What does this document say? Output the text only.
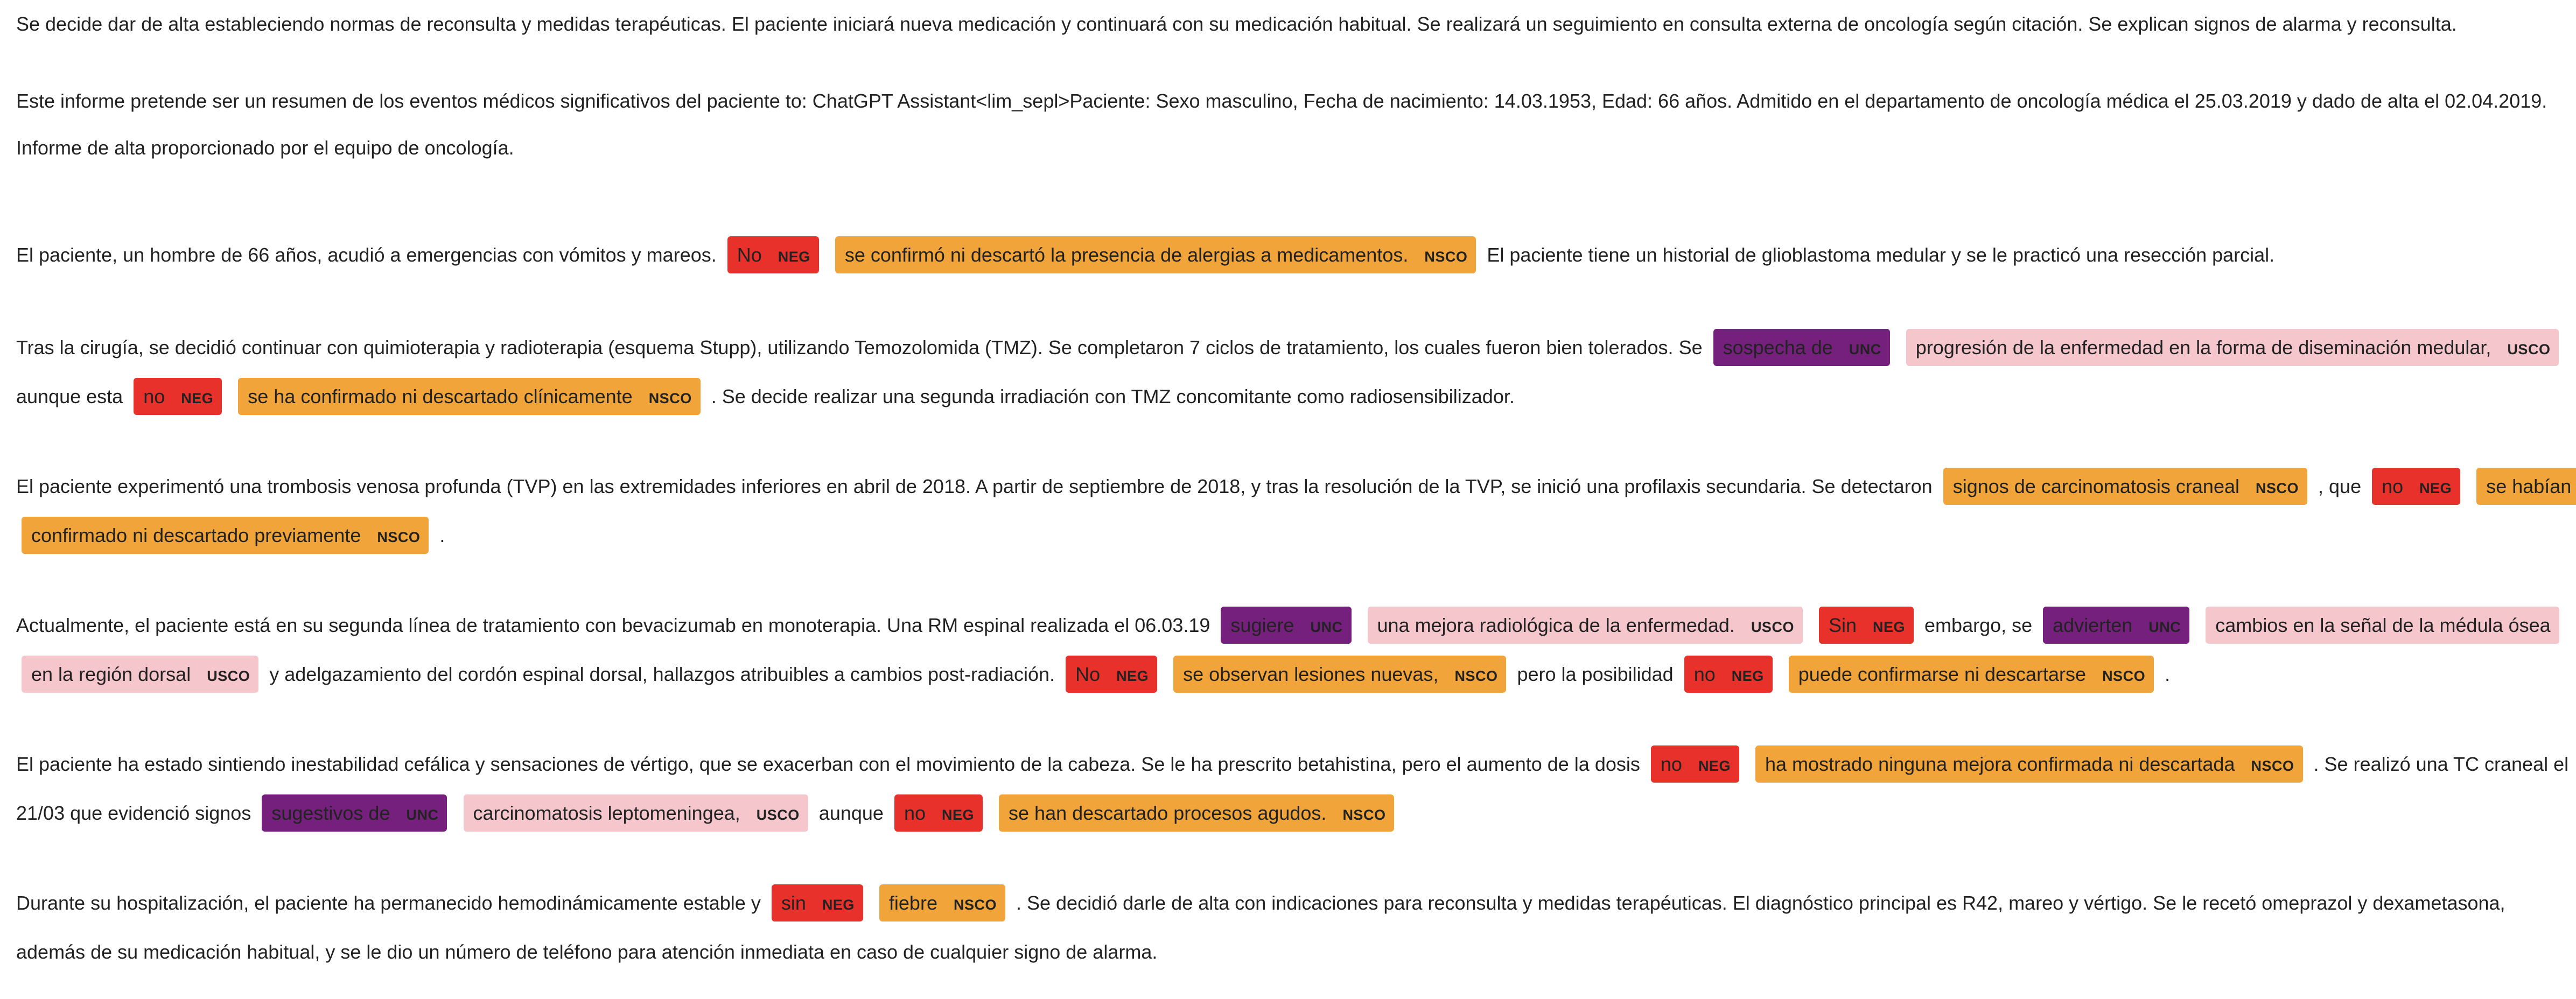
Se decide dar de alta estableciendo normas de reconsulta y medidas terapéuticas. El paciente iniciará nueva medicación y continuará con su medicación habitual. Se realizará un seguimiento en consulta externa de oncología según citación. Se explican signos de alarma y reconsulta.

Este informe pretende ser un resumen de los eventos médicos significativos del paciente to: ChatGPT Assistant<lim_sepl>Paciente: Sexo masculino, Fecha de nacimiento: 14.03.1953, Edad: 66 años. Admitido en el departamento de oncología médica el 25.03.2019 y dado de alta el 02.04.2019. Informe de alta proporcionado por el equipo de oncología.

El paciente, un hombre de 66 años, acudió a emergencias con vómitos y mareos. No NEG se confirmó ni descartó la presencia de alergias a medicamentos. NSCO El paciente tiene un historial de glioblastoma medular y se le practicó una resección parcial.

Tras la cirugía, se decidió continuar con quimioterapia y radioterapia (esquema Stupp), utilizando Temozolomida (TMZ). Se completaron 7 ciclos de tratamiento, los cuales fueron bien tolerados. Se sospecha de UNC progresión de la enfermedad en la forma de diseminación medular, USCO aunque esta no NEG se ha confirmado ni descartado clínicamente NSCO . Se decide realizar una segunda irradiación con TMZ concomitante como radiosensibilizador.

El paciente experimentó una trombosis venosa profunda (TVP) en las extremidades inferiores en abril de 2018. A partir de septiembre de 2018, y tras la resolución de la TVP, se inició una profilaxis secundaria. Se detectaron signos de carcinomatosis craneal NSCO , que no NEG se habían confirmado ni descartado previamente NSCO .

Actualmente, el paciente está en su segunda línea de tratamiento con bevacizumab en monoterapia. Una RM espinal realizada el 06.03.19 sugiere UNC una mejora radiológica de la enfermedad. USCO Sin NEG embargo, se advierten UNC cambios en la señal de la médula ósea en la región dorsal USCO y adelgazamiento del cordón espinal dorsal, hallazgos atribuibles a cambios post-radiación. No NEG se observan lesiones nuevas, NSCO pero la posibilidad no NEG puede confirmarse ni descartarse NSCO .

El paciente ha estado sintiendo inestabilidad cefálica y sensaciones de vértigo, que se exacerban con el movimiento de la cabeza. Se le ha prescrito betahistina, pero el aumento de la dosis no NEG ha mostrado ninguna mejora confirmada ni descartada NSCO . Se realizó una TC craneal el 21/03 que evidenció signos sugestivos de UNC carcinomatosis leptomeningea, USCO aunque no NEG se han descartado procesos agudos. NSCO

Durante su hospitalización, el paciente ha permanecido hemodinámicamente estable y sin NEG fiebre NSCO . Se decidió darle de alta con indicaciones para reconsulta y medidas terapéuticas. El diagnóstico principal es R42, mareo y vértigo. Se le recetó omeprazol y dexametasona, además de su medicación habitual, y se le dio un número de teléfono para atención inmediata en caso de cualquier signo de alarma.
